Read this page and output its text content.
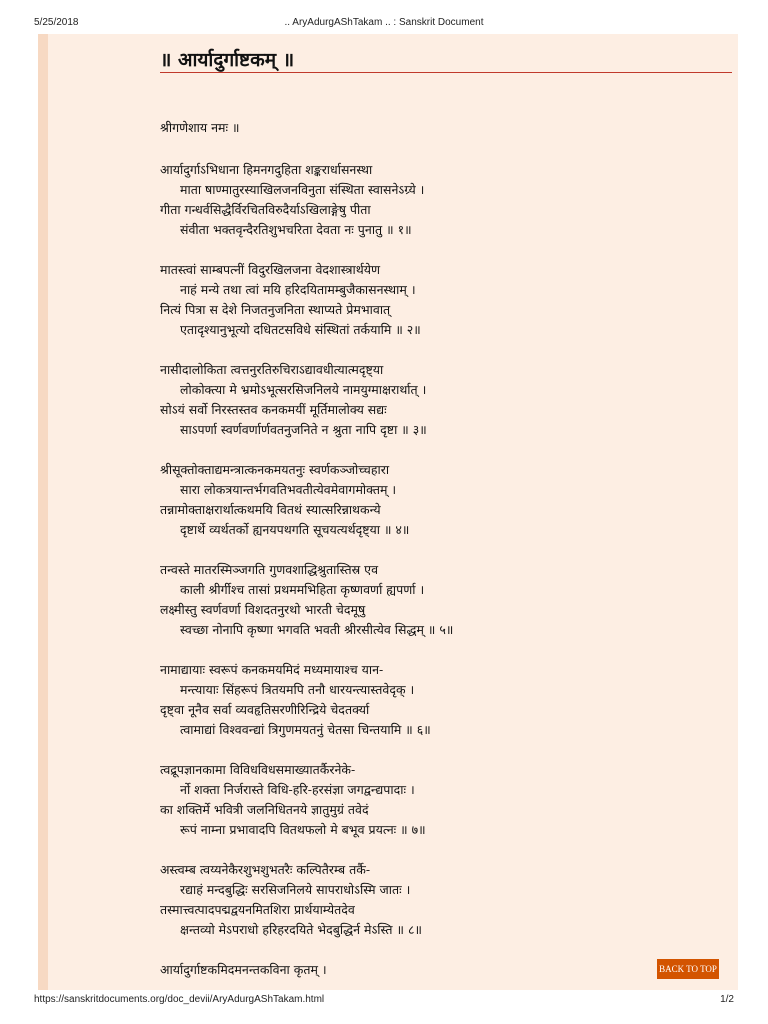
5/25/2018	.. AryAdurgAShTakam .. : Sanskrit Document
॥ आर्यादुर्गाष्टकम् ॥
श्रीगणेशाय नमः ॥
आर्यादुर्गाऽभिधाना हिमनगदुहिता शङ्करार्धासनस्था
माता षाण्मातुरस्याखिलजनविनुता संस्थिता स्वासनेऽग्र्ये ।
गीता गन्धर्वसिद्धैर्विरचितविरुदैर्याऽखिलाङ्गेषु पीता
संवीता भक्तवृन्दैरतिशुभचरिता देवता नः पुनातु ॥ १॥
मातस्त्वां साम्बपत्नीं विदुरखिलजना वेदशास्त्रार्थयेण
नाहं मन्ये तथा त्वां मयि हरिदयितामम्बुजैकासनस्थाम् ।
नित्यं पित्रा स देशे निजतनुजनिता स्थाप्यते प्रेमभावात्
एतादृश्यानुभूत्यो दधितटसविधे संस्थितां तर्कयामि ॥ २॥
नासीदालोकिता त्वत्तनुरतिरुचिराऽद्यावधीत्यात्मदृष्ट्या
लोकोक्त्या मे भ्रमोऽभूत्सरसिजनिलये नामयुग्माक्षरार्थात् ।
सोऽयं सर्वो निरस्तस्तव कनकमयीं मूर्तिमालोक्य सद्यः
साऽपर्णा स्वर्णवर्णार्णवतनुजनिते न श्रुता नापि दृष्टा ॥ ३॥
श्रीसूक्तोक्ताद्यमन्त्रात्कनकमयतनुः स्वर्णकञ्जोच्चहारा
सारा लोकत्रयान्तर्भगवतिभवतीत्येवमेवागमोक्तम् ।
तन्नामोक्ताक्षरार्थात्कथमयि वितथं स्यात्सरिन्नाथकन्ये
दृष्टार्थे व्यर्थतर्को ह्यनयपथगति सूचयत्यर्थदृष्ट्या ॥ ४॥
तन्वस्ते मातरस्मिञ्जगति गुणवशाद्धिश्रुतास्तिस्र एव
काली श्रीर्गीश्च तासां प्रथममभिहिता कृष्णवर्णा ह्यपर्णा ।
लक्ष्मीस्तु स्वर्णवर्णा विशदतनुरथो भारती चेदमूषु
स्वच्छा नोनापि कृष्णा भगवति भवती श्रीरसीत्येव सिद्धम् ॥ ५॥
नामाद्यायाः स्वरूपं कनकमयमिदं मध्यमायाश्च यान-
मन्त्यायाः सिंहरूपं त्रितयमपि तनौ धारयन्त्यास्तवेदृक् ।
दृष्ट्वा नूनैव सर्वा व्यवहृतिसरणीरिन्द्रिये चेदतर्क्या
त्वामाद्यां विश्ववन्द्यां त्रिगुणमयतनुं चेतसा चिन्तयामि ॥ ६॥
त्वद्रूपज्ञानकामा विविधविधसमाख्यातर्कैरनेके-
र्नो शक्ता निर्जरास्ते विधि-हरि-हरसंज्ञा जगद्वन्द्यपादाः ।
का शक्तिर्मे भवित्री जलनिधितनये ज्ञातुमुग्रं तवेदं
रूपं नाम्ना प्रभावादपि वितथफलो मे बभूव प्रयत्नः ॥ ७॥
अस्त्वम्ब त्वय्यनेकैरशुभशुभतरैः कल्पितैरम्ब तर्कै-
रद्याहं मन्दबुद्धिः सरसिजनिलये सापराधोऽस्मि जातः ।
तस्मात्त्वत्पादपद्मद्वयनमितशिरा प्रार्थयाम्येतदेव
क्षन्तव्यो मेऽपराधो हरिहरदयिते भेदबुद्धिर्न मेऽस्ति ॥ ८॥
आर्यादुर्गाष्टकमिदमनन्तकविना कृतम् ।	BACK TO TOP
https://sanskritdocuments.org/doc_devii/AryAdurgAShTakam.html	1/2
